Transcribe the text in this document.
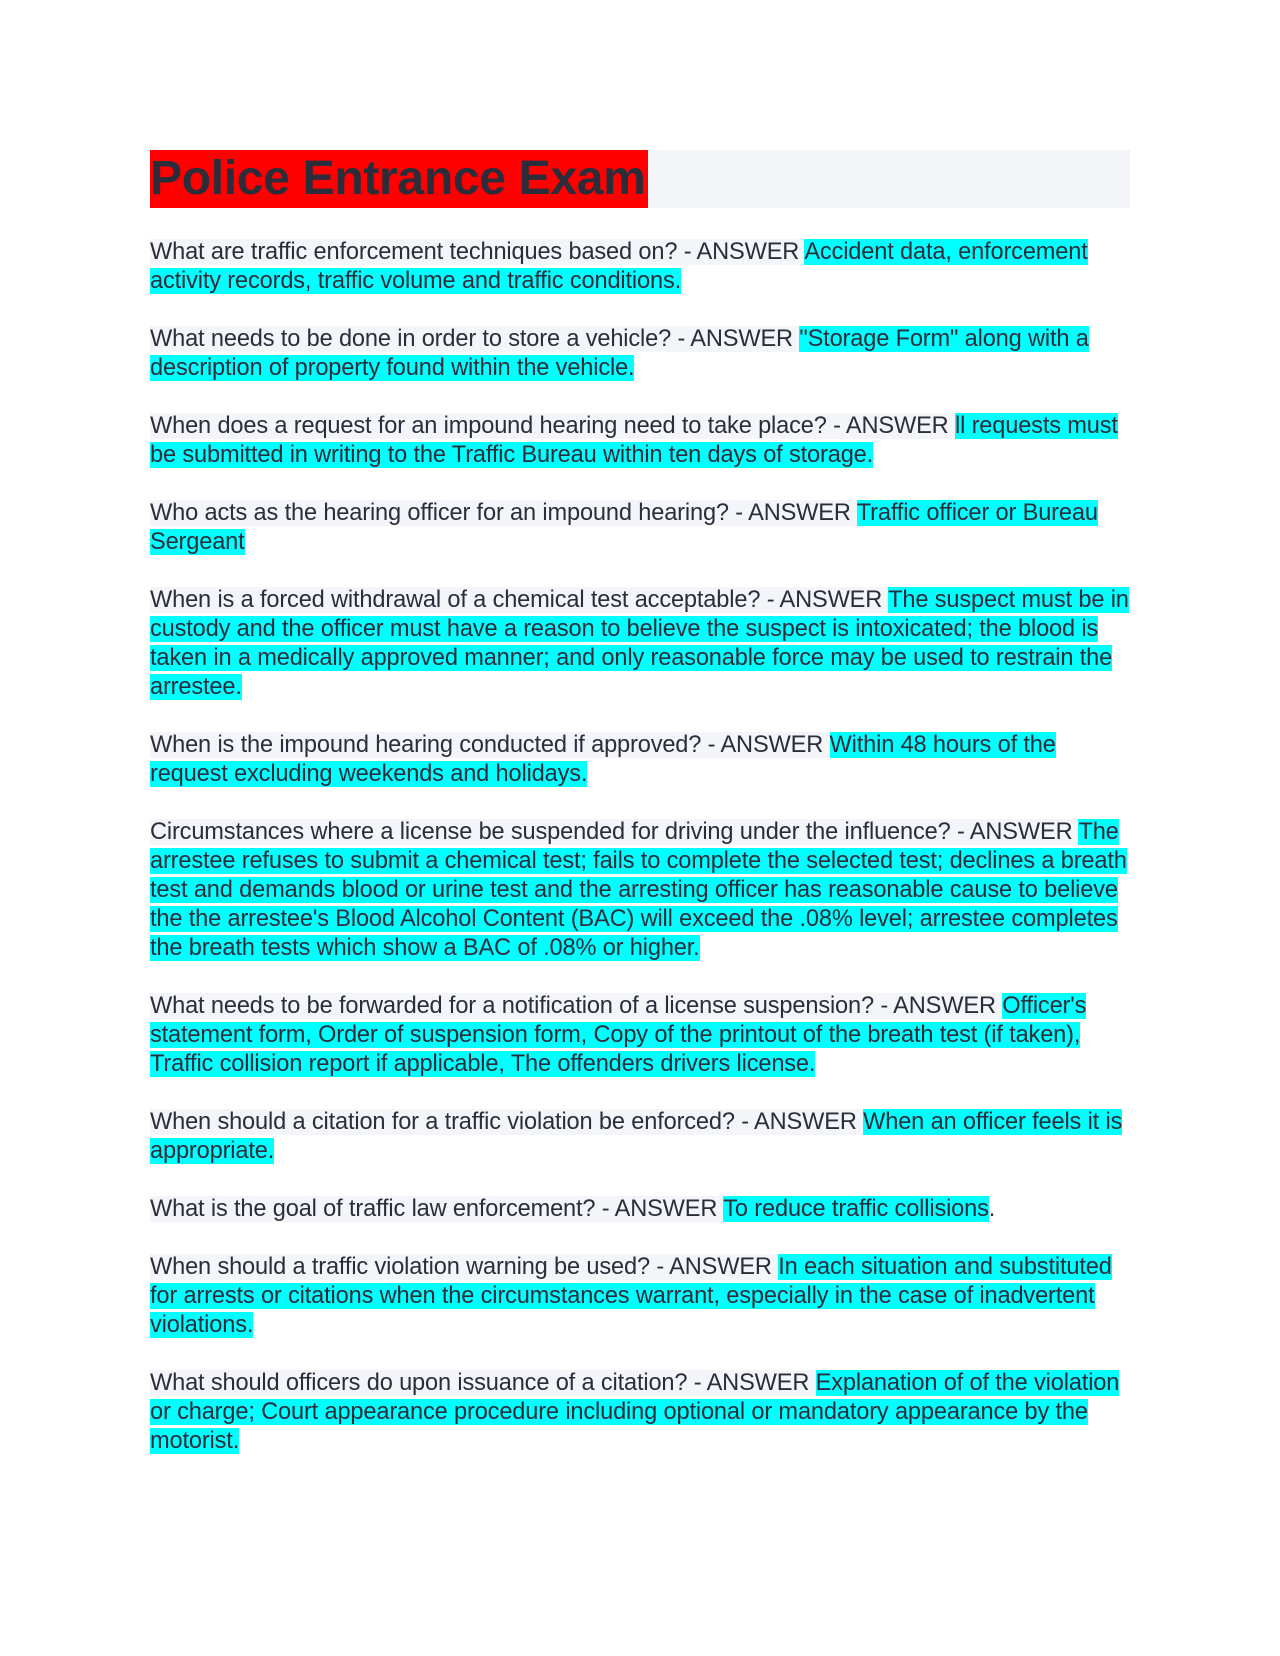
Police Entrance Exam

What are traffic enforcement techniques based on? - ANSWER Accident data, enforcement activity records, traffic volume and traffic conditions.

What needs to be done in order to store a vehicle? - ANSWER "Storage Form" along with a description of property found within the vehicle.

When does a request for an impound hearing need to take place? - ANSWER ll requests must be submitted in writing to the Traffic Bureau within ten days of storage.

Who acts as the hearing officer for an impound hearing? - ANSWER Traffic officer or Bureau Sergeant

When is a forced withdrawal of a chemical test acceptable? - ANSWER The suspect must be in custody and the officer must have a reason to believe the suspect is intoxicated; the blood is taken in a medically approved manner; and only reasonable force may be used to restrain the arrestee.

When is the impound hearing conducted if approved? - ANSWER Within 48 hours of the request excluding weekends and holidays.

Circumstances where a license be suspended for driving under the influence? - ANSWER The arrestee refuses to submit a chemical test; fails to complete the selected test; declines a breath test and demands blood or urine test and the arresting officer has reasonable cause to believe the the arrestee's Blood Alcohol Content (BAC) will exceed the .08% level; arrestee completes the breath tests which show a BAC of .08% or higher.

What needs to be forwarded for a notification of a license suspension? - ANSWER Officer's statement form, Order of suspension form, Copy of the printout of the breath test (if taken), Traffic collision report if applicable, The offenders drivers license.

When should a citation for a traffic violation be enforced? - ANSWER When an officer feels it is appropriate.

What is the goal of traffic law enforcement? - ANSWER To reduce traffic collisions.

When should a traffic violation warning be used? - ANSWER In each situation and substituted for arrests or citations when the circumstances warrant, especially in the case of inadvertent violations.

What should officers do upon issuance of a citation? - ANSWER Explanation of of the violation or charge; Court appearance procedure including optional or mandatory appearance by the motorist.
